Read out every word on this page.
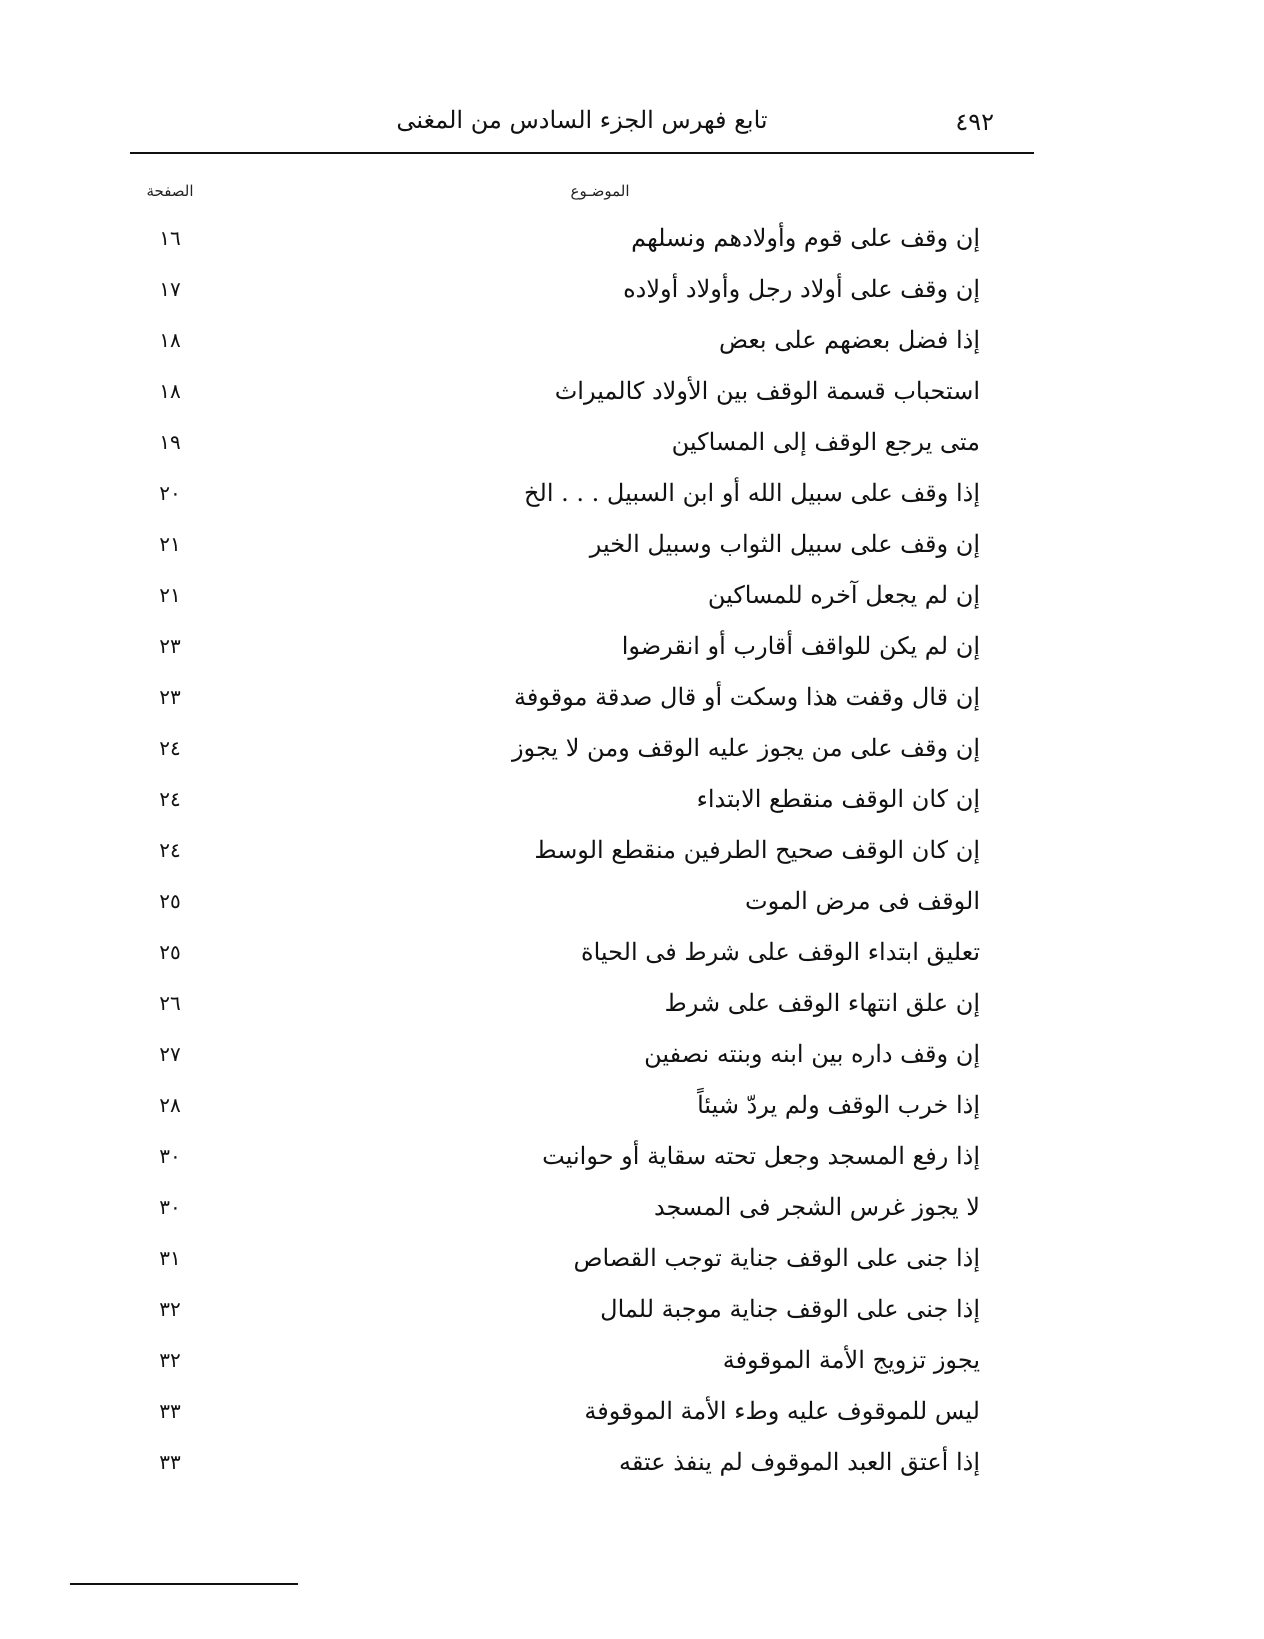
تابع فهرس الجزء السادس من المغنى	٤٩٢
الصفحة	الموضـوع
إن وقف على قوم وأولادهم ونسلهم
١٦
إن وقف على أولاد رجل وأولاد أولاده
١٧
إذا فضل بعضهم على بعض
١٨
استحباب قسمة الوقف بين الأولاد كالميراث
١٨
متى يرجع الوقف إلى المساكين
١٩
إذا وقف على سبيل الله أو ابن السبيل . . . الخ
٢٠
إن وقف على سبيل الثواب وسبيل الخير
٢١
إن لم يجعل آخره للمساكين
٢١
إن لم يكن للواقف أقارب أو انقرضوا
٢٣
إن قال وقفت هذا وسكت أو قال صدقة موقوفة
٢٣
إن وقف على من يجوز عليه الوقف ومن لا يجوز
٢٤
إن كان الوقف منقطع الابتداء
٢٤
إن كان الوقف صحيح الطرفين منقطع الوسط
٢٤
الوقف فى مرض الموت
٢٥
تعليق ابتداء الوقف على شرط فى الحياة
٢٥
إن علق انتهاء الوقف على شرط
٢٦
إن وقف داره بين ابنه وبنته نصفين
٢٧
إذا خرب الوقف ولم يردّ شيئاً
٢٨
إذا رفع المسجد وجعل تحته سقاية أو حوانيت
٣٠
لا يجوز غرس الشجر فى المسجد
٣٠
إذا جنى على الوقف جناية توجب القصاص
٣١
إذا جنى على الوقف جناية موجبة للمال
٣٢
يجوز تزويج الأمة الموقوفة
٣٢
ليس للموقوف عليه وطء الأمة الموقوفة
٣٣
إذا أعتق العبد الموقوف لم ينفذ عتقه
٣٣
